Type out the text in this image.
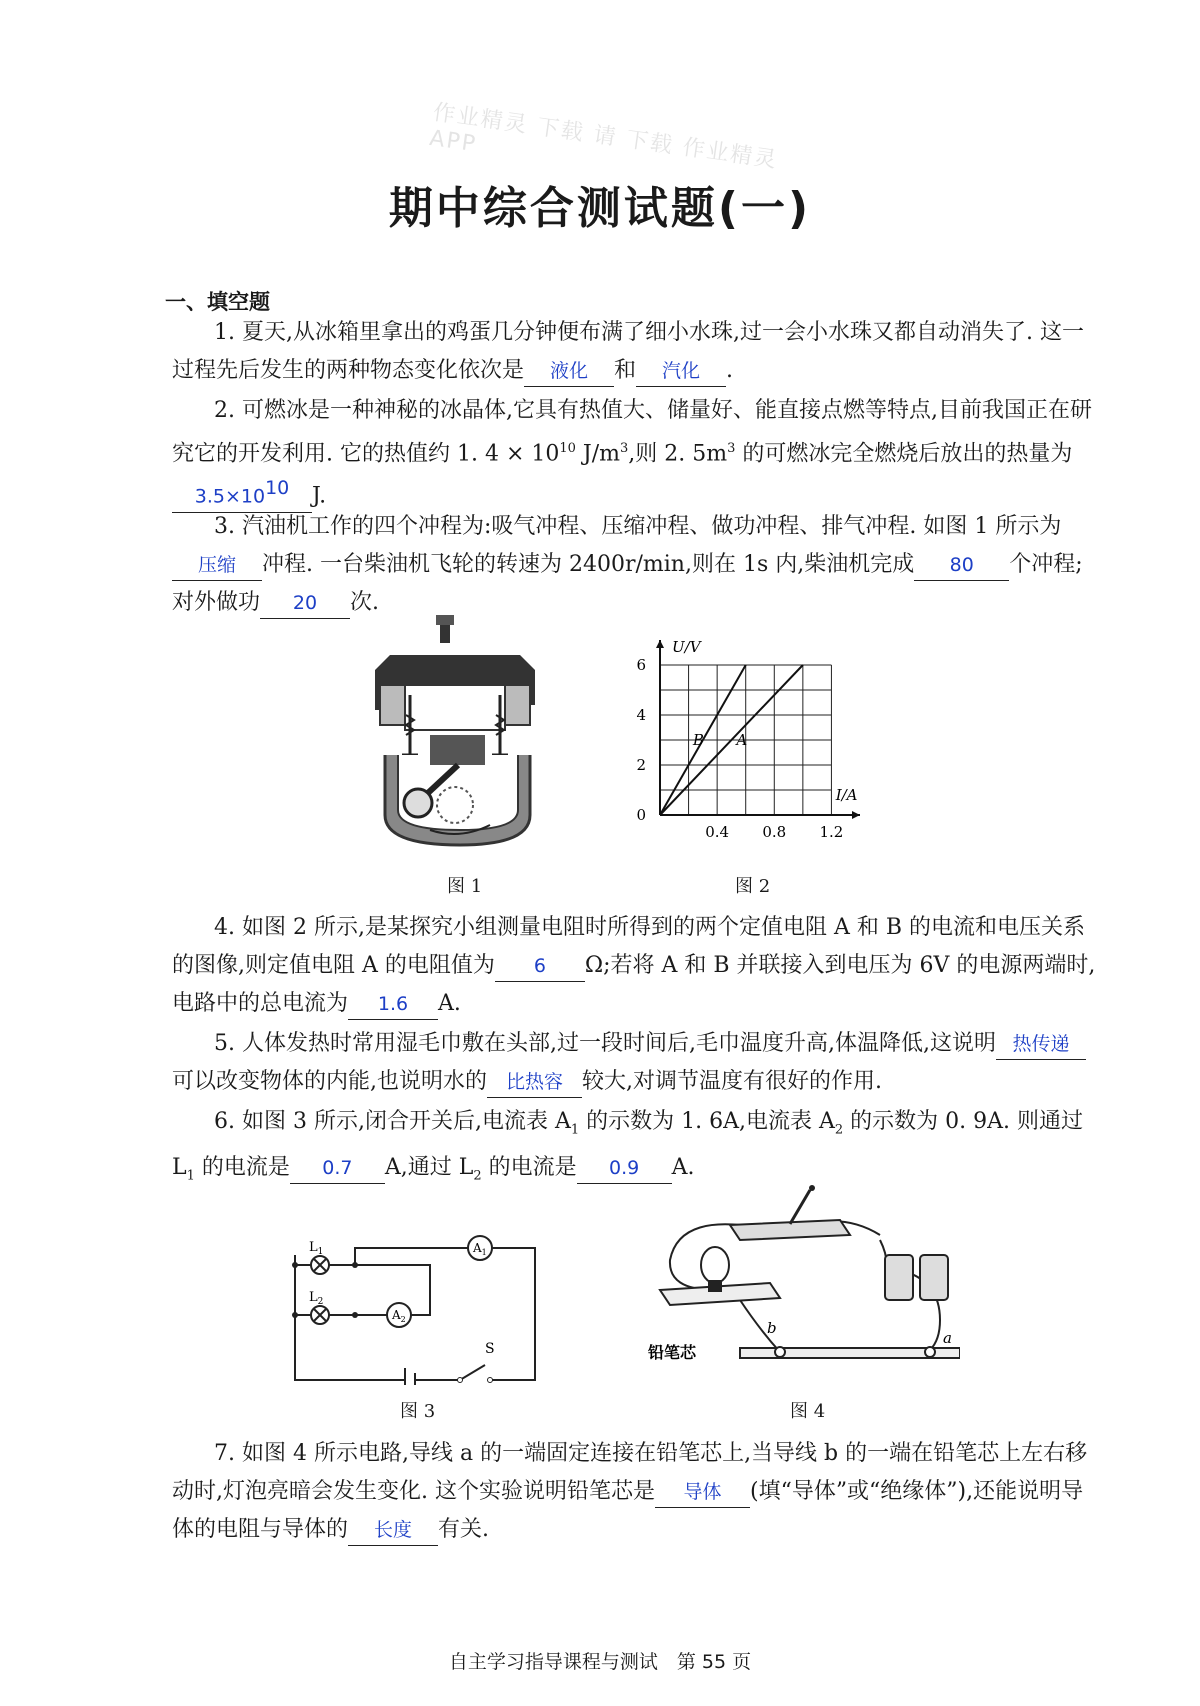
作业精灵 下载 请 下载 作业精灵APP
期中综合测试题(一)
一、填空题
1. 夏天,从冰箱里拿出的鸡蛋几分钟便布满了细小水珠,过一会小水珠又都自动消失了. 这一过程先后发生的两种物态变化依次是 液化 和 汽化 .
2. 可燃冰是一种神秘的冰晶体,它具有热值大、储量好、能直接点燃等特点,目前我国正在研究它的开发利用. 它的热值约 1. $4 \times 10^{10}$ $J/m^3$,则 2. $5m^3$ 的可燃冰完全燃烧后放出的热量为$3.5\times 10^{10}$ J.
3. 汽油机工作的四个冲程为:吸气冲程、压缩冲程、做功冲程、排气冲程. 如图 1 所示为压缩 冲程. 一台柴油机飞轮的转速为 2400r/min,则在 1s 内,柴油机完成 80 个冲程;对外做功 20 次.
图 1
B A
0.4 0.8 1.2
2
4
6
0
I/A
U/V
图 2
4. 如图 2 所示,是某探究小组测量电阻时所得到的两个定值电阻 A 和 B 的电流和电压关系的图像,则定值电阻 A 的电阻值为 6 Ω;若将 A 和 B 并联接入到电压为 6V 的电源两端时,电路中的总电流为 1.6 A.
5. 人体发热时常用湿毛巾敷在头部,过一段时间后,毛巾温度升高,体温降低,这说明 热传递可以改变物体的内能,也说明水的 比热容 较大,对调节温度有很好的作用.
6. 如图 3 所示,闭合开关后,电流表 $A_1$ 的示数为 1. 6A,电流表 $A_2$ 的示数为 0. 9A. 则通过 $L_1$ 的电流是 0.7 A,通过 $L_2$ 的电流是 0.9 A.
$L_1$
$L_2$
$A_1$
$A_2$
S
图 3
a
b
铅笔芯
图 4
7. 如图 4 所示电路,导线 a 的一端固定连接在铅笔芯上,当导线 b 的一端在铅笔芯上左右移动时,灯泡亮暗会发生变化. 这个实验说明铅笔芯是 导体 (填“导体”或“绝缘体”),还能说明导体的电阻与导体的 长度 有关.
自主学习指导课程与测试　第 55 页
